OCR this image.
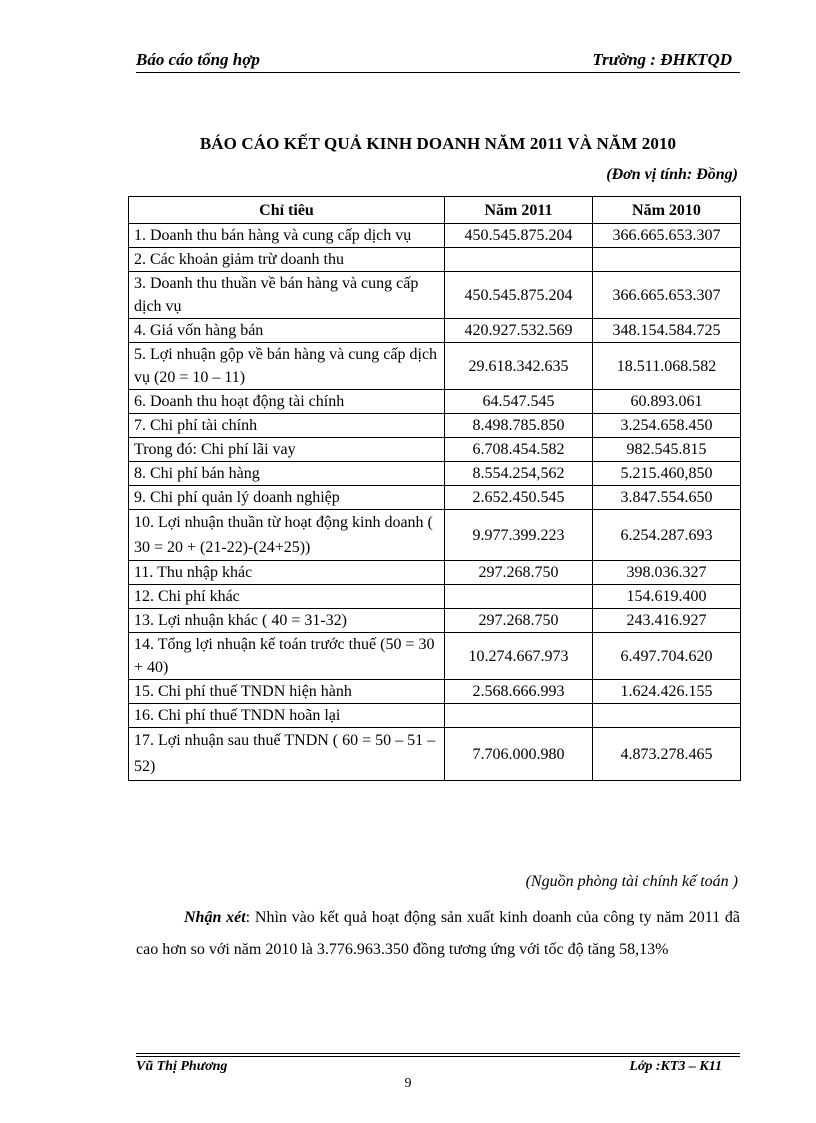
Báo cáo tổng hợp	Trường : ĐHKTQD
BÁO CÁO KẾT QUẢ KINH DOANH NĂM 2011 VÀ NĂM 2010
(Đơn vị tính: Đồng)
Chỉ tiêu	Năm 2011	Năm 2010
1. Doanh thu bán hàng và cung cấp dịch vụ	450.545.875.204	366.665.653.307
2. Các khoản giảm trừ doanh thu		
3. Doanh thu thuần về bán hàng và cung cấp dịch vụ	450.545.875.204	366.665.653.307
4. Giá vốn hàng bán	420.927.532.569	348.154.584.725
5. Lợi nhuận gộp về bán hàng và cung cấp dịch vụ (20 = 10 – 11)	29.618.342.635	18.511.068.582
6. Doanh thu hoạt động tài chính	64.547.545	60.893.061
7. Chi phí tài chính	8.498.785.850	3.254.658.450
Trong đó: Chi phí lãi vay	6.708.454.582	982.545.815
8. Chi phí bán hàng	8.554.254,562	5.215.460,850
9. Chi phí quản lý doanh nghiệp	2.652.450.545	3.847.554.650
10. Lợi nhuận thuần từ hoạt động kinh doanh ( 30 = 20 + (21-22)-(24+25))	9.977.399.223	6.254.287.693
11. Thu nhập khác	297.268.750	398.036.327
12. Chi phí khác		154.619.400
13. Lợi nhuận khác ( 40 = 31-32)	297.268.750	243.416.927
14. Tổng lợi nhuận kế toán trước thuế (50 = 30 + 40)	10.274.667.973	6.497.704.620
15. Chi phí thuế TNDN hiện hành	2.568.666.993	1.624.426.155
16. Chi phí thuế TNDN hoãn lại		
17. Lợi nhuận sau thuế TNDN ( 60 = 50 – 51 – 52)	7.706.000.980	4.873.278.465
(Nguồn phòng tài chính kế toán )
Nhận xét: Nhìn vào kết quả hoạt động sản xuất kinh doanh của công ty năm 2011 đã cao hơn so với năm 2010 là 3.776.963.350 đồng tương ứng với tốc độ tăng 58,13%
Vũ Thị Phương	Lớp :KT3 – K11
9
